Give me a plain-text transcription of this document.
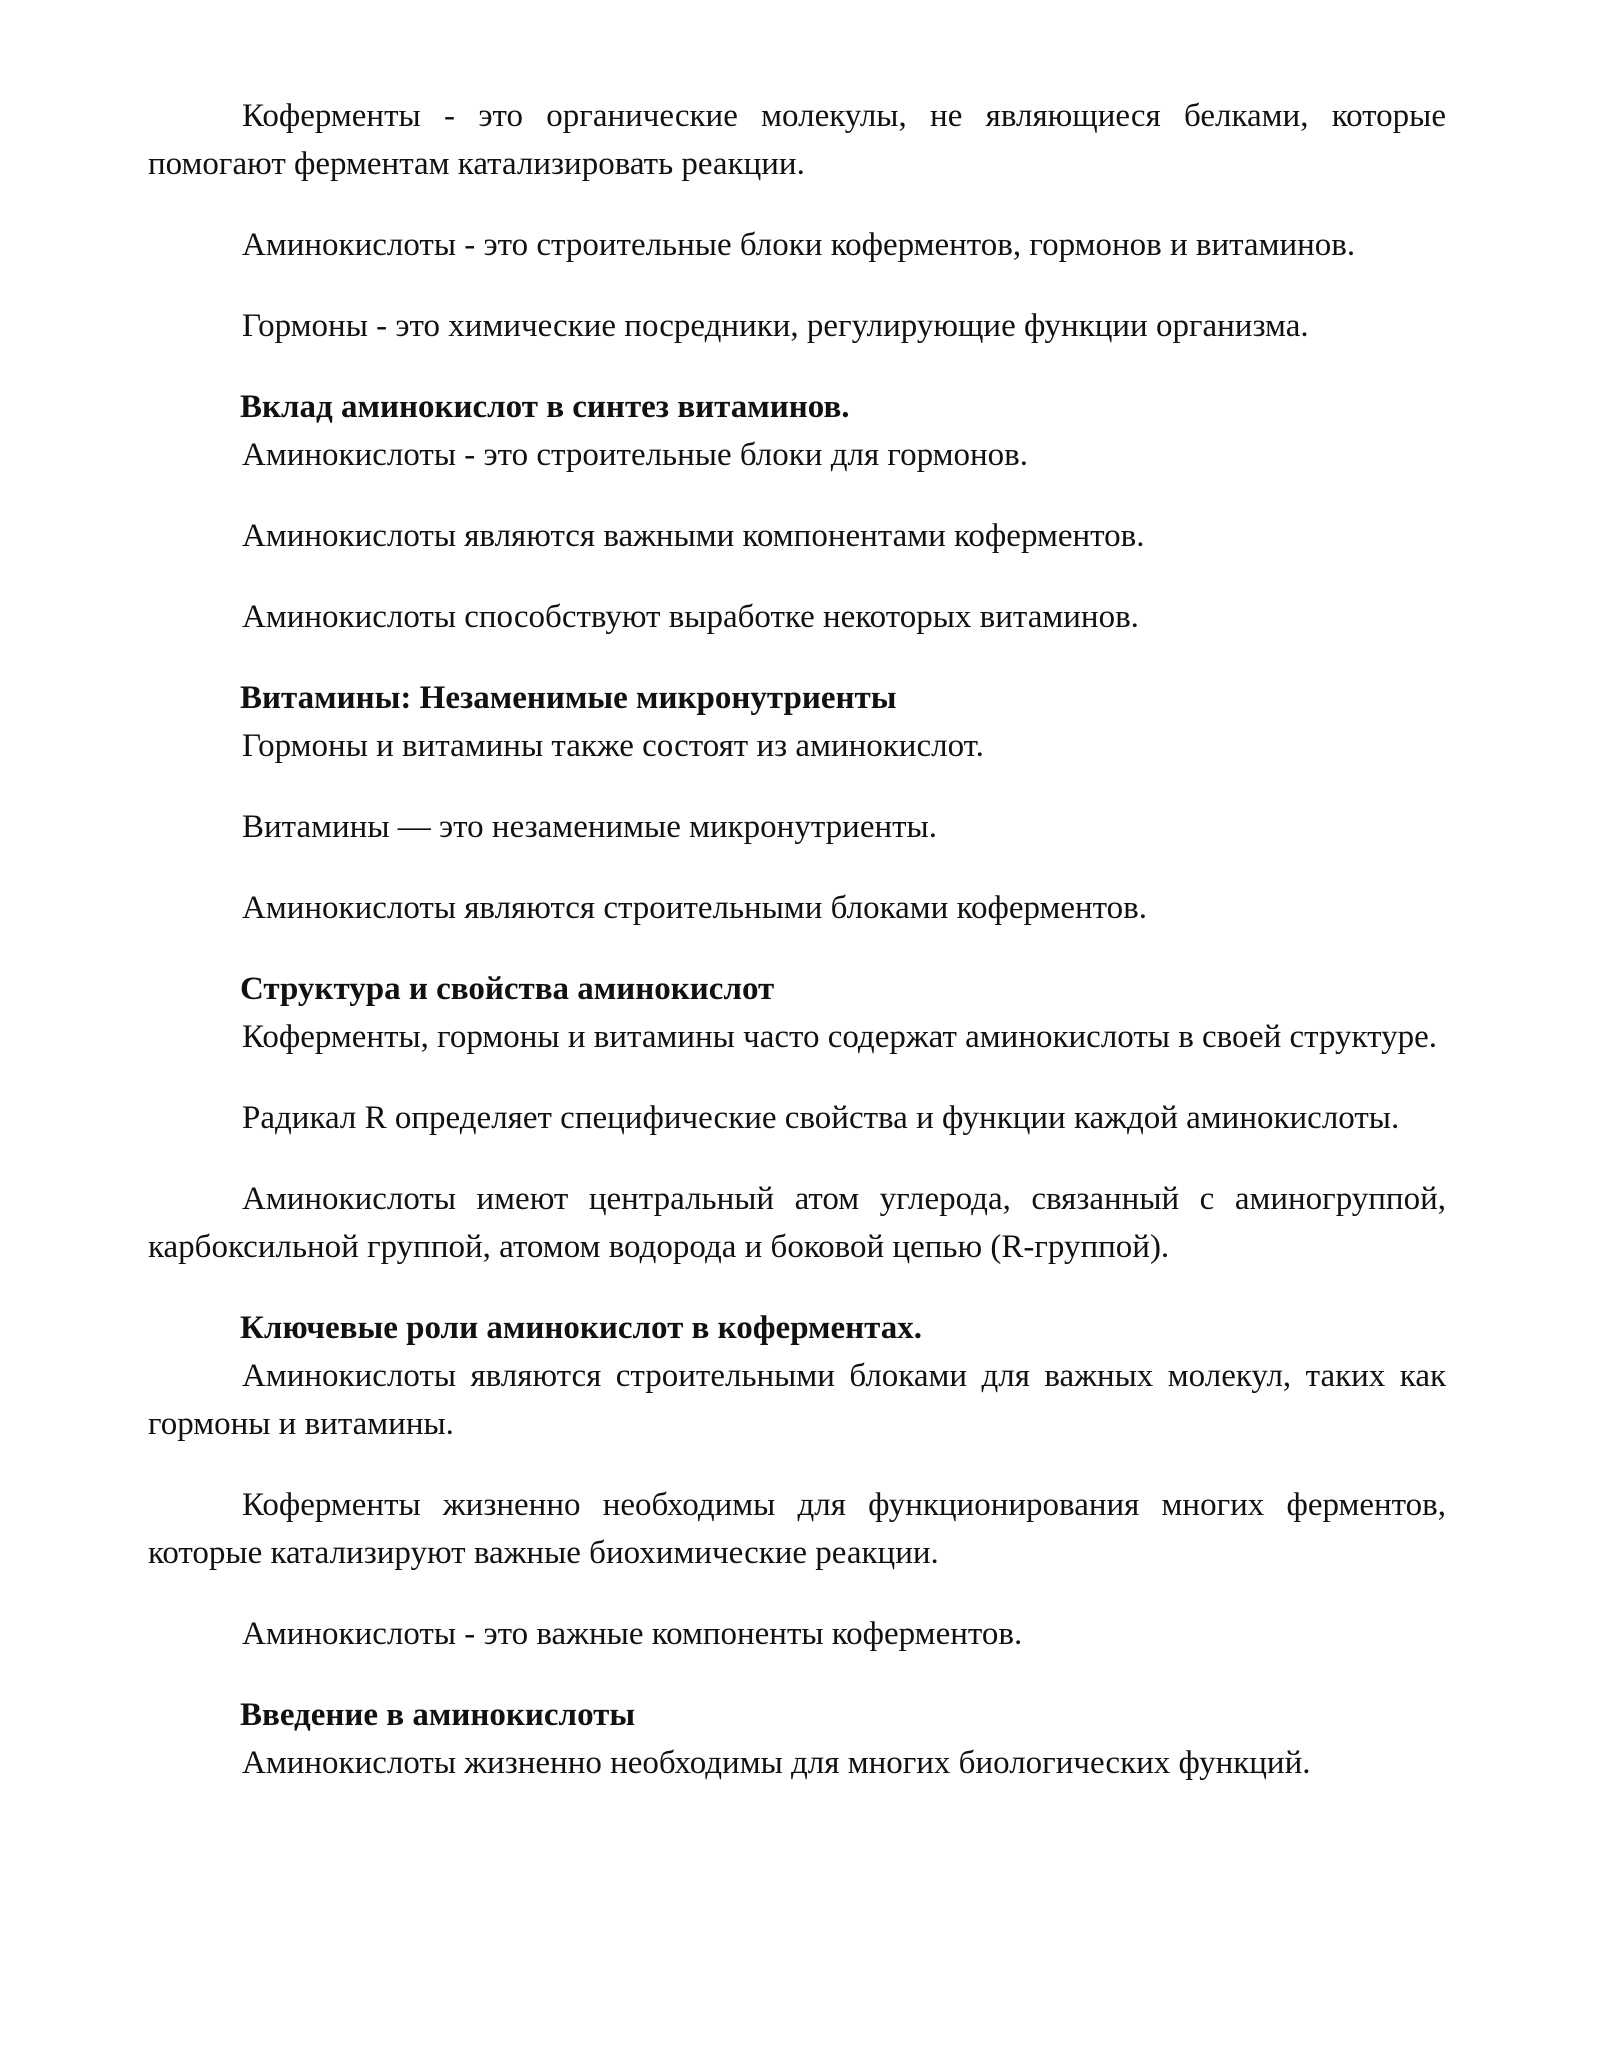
Коферменты - это органические молекулы, не являющиеся белками, которые помогают ферментам катализировать реакции.

Аминокислоты - это строительные блоки коферментов, гормонов и витаминов.

Гормоны - это химические посредники, регулирующие функции организма.

Вклад аминокислот в синтез витаминов.

Аминокислоты - это строительные блоки для гормонов.

Аминокислоты являются важными компонентами коферментов.

Аминокислоты способствуют выработке некоторых витаминов.

Витамины: Незаменимые микронутриенты

Гормоны и витамины также состоят из аминокислот.

Витамины — это незаменимые микронутриенты.

Аминокислоты являются строительными блоками коферментов.

Структура и свойства аминокислот

Коферменты, гормоны и витамины часто содержат аминокислоты в своей структуре.

Радикал R определяет специфические свойства и функции каждой аминокислоты.

Аминокислоты имеют центральный атом углерода, связанный с аминогруппой, карбоксильной группой, атомом водорода и боковой цепью (R-группой).

Ключевые роли аминокислот в коферментах.

Аминокислоты являются строительными блоками для важных молекул, таких как гормоны и витамины.

Коферменты жизненно необходимы для функционирования многих ферментов, которые катализируют важные биохимические реакции.

Аминокислоты - это важные компоненты коферментов.

Введение в аминокислоты

Аминокислоты жизненно необходимы для многих биологических функций.
